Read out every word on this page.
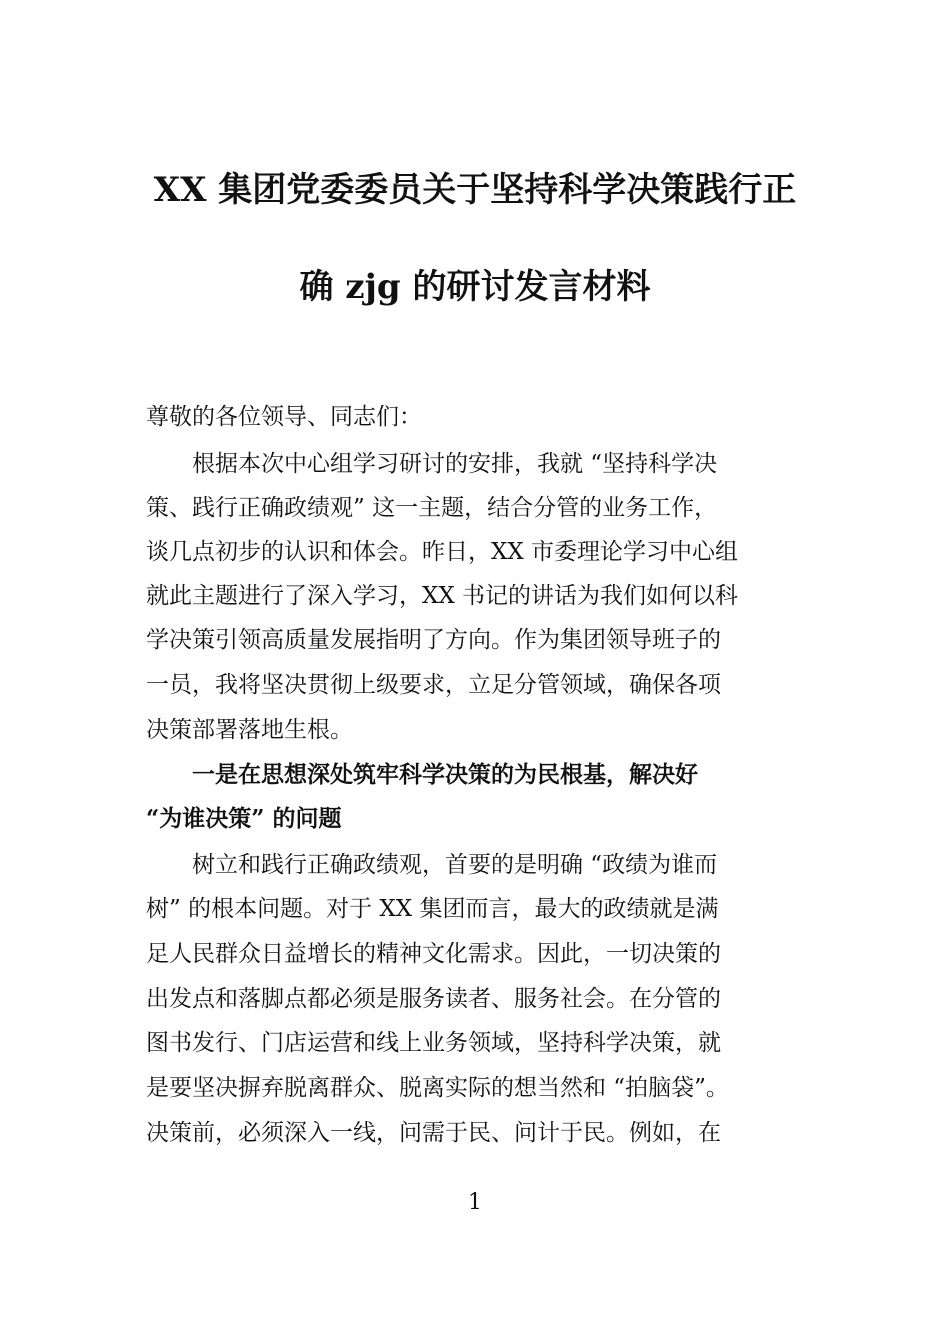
XX 集团党委委员关于坚持科学决策践行正
确 zjg 的研讨发言材料
尊敬的各位领导、同志们：
　　根据本次中心组学习研讨的安排，我就 “坚持科学决
策、践行正确政绩观” 这一主题，结合分管的业务工作，
谈几点初步的认识和体会。昨日，XX 市委理论学习中心组
就此主题进行了深入学习，XX 书记的讲话为我们如何以科
学决策引领高质量发展指明了方向。作为集团领导班子的
一员，我将坚决贯彻上级要求，立足分管领域，确保各项
决策部署落地生根。
　　一是在思想深处筑牢科学决策的为民根基，解决好
“为谁决策” 的问题
　　树立和践行正确政绩观，首要的是明确 “政绩为谁而
树” 的根本问题。对于 XX 集团而言，最大的政绩就是满
足人民群众日益增长的精神文化需求。因此，一切决策的
出发点和落脚点都必须是服务读者、服务社会。在分管的
图书发行、门店运营和线上业务领域，坚持科学决策，就
是要坚决摒弃脱离群众、脱离实际的想当然和 “拍脑袋”。
决策前，必须深入一线，问需于民、问计于民。例如，在
1
